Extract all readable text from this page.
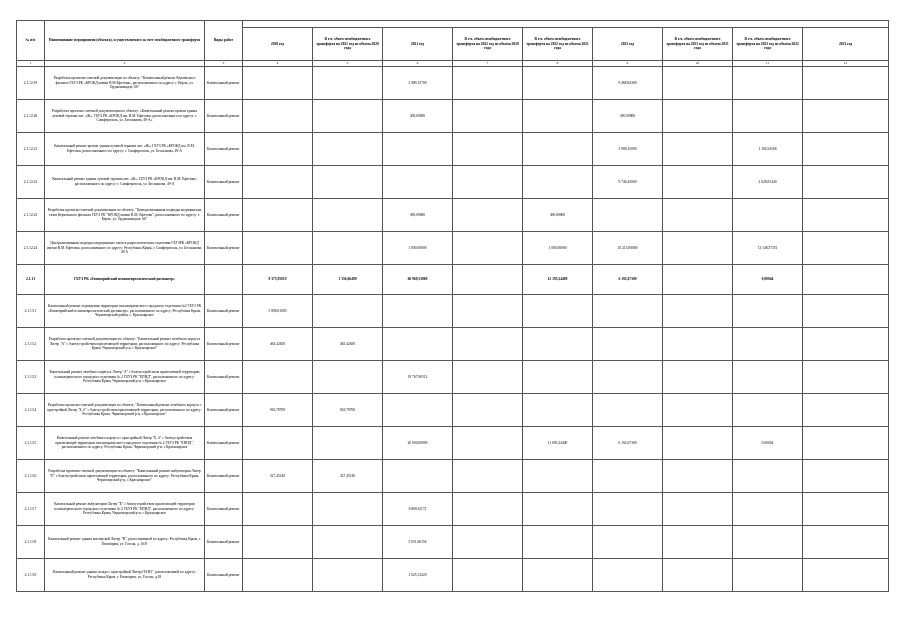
№ п/п	Наименование мероприятия (объекта), осуществляемого за счет межбюджетного трансферта	Виды работ									
			2020 год	В т.ч. объем межбюджетного трансферта на 2021 год из объема 2020 года	2021 год	В т.ч. объем межбюджетного трансферта на 2022 год из объема 2020 года	В т.ч. объем межбюджетного трансферта на 2022 год из объема 2021 года	2022 год	В т.ч. объем межбюджетного трансферта на 2023 год из объема 2021 года	В т.ч. объем межбюджетного трансферта на 2023 год из объема 2022 года	2023 год
1	2	3	4	5	6	7	8	9	10	11	12
2.1.12.19	Разработка проектно-сметной документации по объекту: "Капитальный ремонт Керченского филиала ГБУЗ РК «КРОКД имени В.М.Ефетова», расположенного по адресу: г. Керчь, ул. Орджоникидзе, 66"	Капитальный ремонт			2 989,15700			9 468,84300			
2.1.12.20	Разработка проектно-сметной документации по объекту: «Капитальный ремонт кровли здания лучевой терапии лит. «Ж», ГБУЗ РК «КРОКД им. В.М. Ефетова» расположенного по адресу: г. Симферополь, ул. Бесшанова, 49-А»	Капитальный ремонт			300,00000			390,00000			
2.1.12.21	Капитальный ремонт кровли здания лучевой терапии лит. «Ж», ГБУЗ РК «КРОКД им. В.М. Ефетова» расположенного по адресу: г. Симферополь, ул. Бесшанова, 49-А	Капитальный ремонт						3 908,35000		1 104,54568	
2.1.12.22	Капитальный ремонт здания лучевой терапии лит. «Ж», ГБУЗ РК «КРОКД им. В.М. Ефетова» расположенного по адресу: г. Симферополь, ул. Бесшанова, 49-А	Капитальный ремонт						9 746,45000		2 628,81440	
2.1.12.23	Разработка проектно-сметной документации по объекту: "Централизованная подводка медицинских газов Керченского филиала ГБУЗ РК "КРОКД имени В.М. Ефетова", расположенного по адресу: г. Керчь, ул. Орджоникидзе, 66"	Капитальный ремонт			490,00000		490,00000				
2.1.12.24	Централизованная подводка медицинских газов в радиологическом отделении ГБУЗРК «КРОКД имени В.М. Ефетова» расположенного по адресу: Республика Крым, г. Симферополь, ул. Бесшанова, 49 А	Капитальный ремонт			1 000,00000		1 000,00000	35 215,00000		13 148,57351	
2.1.13	ГБУЗ РК «Евпаторийский психоневрологический диспансер»		8 373,95010	1 356,66490	66 969,53069		12 195,24400	6 192,67300		0,00044	
2.1.13.1	Капитальный ремонт ограждения территории психиатрического городского отделения №2 ГБУЗ РК «Евпаторийский психоневрологический диспансер», расположенного по адресу: Республика Крым, Черноморский район, с. Красноярское	Капитальный ремонт	5 808,01005								
2.1.13.2	Разработка проектно-сметной документации по объекту: "Капитальный ремонт лечебного корпуса Литер "А" с благоустройством прилегающей территории, расположенного по адресу: Республика Крым, Черноморский р-н, с.Красноярское"	Капитальный ремонт	465,42650	465,42650							
2.1.13.3	Капитальный ремонт лечебного корпуса Литер "А" с благоустройством прилегающей территории психиатрического городского отделения № 2 ГБУЗ РК "ЕПНД", расположенного по адресу: Республика Крым, Черноморский р-н, с.Красноярское	Капитальный ремонт			19 767,90512						
2.1.13.4	Разработка проектно-сметной документации по объекту: "Капитальный ремонт лечебного корпуса с пристройкой Литер "Б, б" с благоустройством прилегающей территории, расположенного по адресу: Республика Крым, Черноморский р-н, с.Красноярское"	Капитальный ремонт	563,78700	563,78700							
2.1.13.5	Капитальный ремонт лечебного корпуса с пристройкой Литер "Б, б" с благоустройством прилегающей территории психиатрического городского отделения № 2 ГБУЗ РК "ЕПНД", расположенного по адресу: Республика Крым, Черноморский р-н, с.Красноярское	Капитальный ремонт			20 000,00000		11 695,24400	6 192,67300		0,00044	
2.1.13.6	Разработка проектно-сметной документации по объекту: "Капитальный ремонт амбулатории Литер "Е" с благоустройством прилегающей территории, расположенного по адресу: Республика Крым, Черноморский р-н, с.Красноярское"	Капитальный ремонт	327,45140	327,45140							
2.1.13.7	Капитальный ремонт амбулатории Литер "Е" с благоустройством прилегающей территории психиатрического городского отделения № 2 ГБУЗ РК "ЕПНД", расположенного по адресу: Республика Крым, Черноморский р-н, с.Красноярское	Капитальный ремонт			6 869,61172						
2.1.13.8	Капитальный ремонт здания мастерской Литер "В", расположенной по адресу: Республика Крым, г. Евпатория, ул. Гоголя, д. 16/8	Капитальный ремонт			5 051,60156						
2.1.13.9	Капитальный ремонт здания склада с пристройкой Литера"Н-Н1", расположенной по адресу: Республика Крым, г. Евпатория, ул. Гоголя, д.18	Капитальный ремонт			1 025,13220						
